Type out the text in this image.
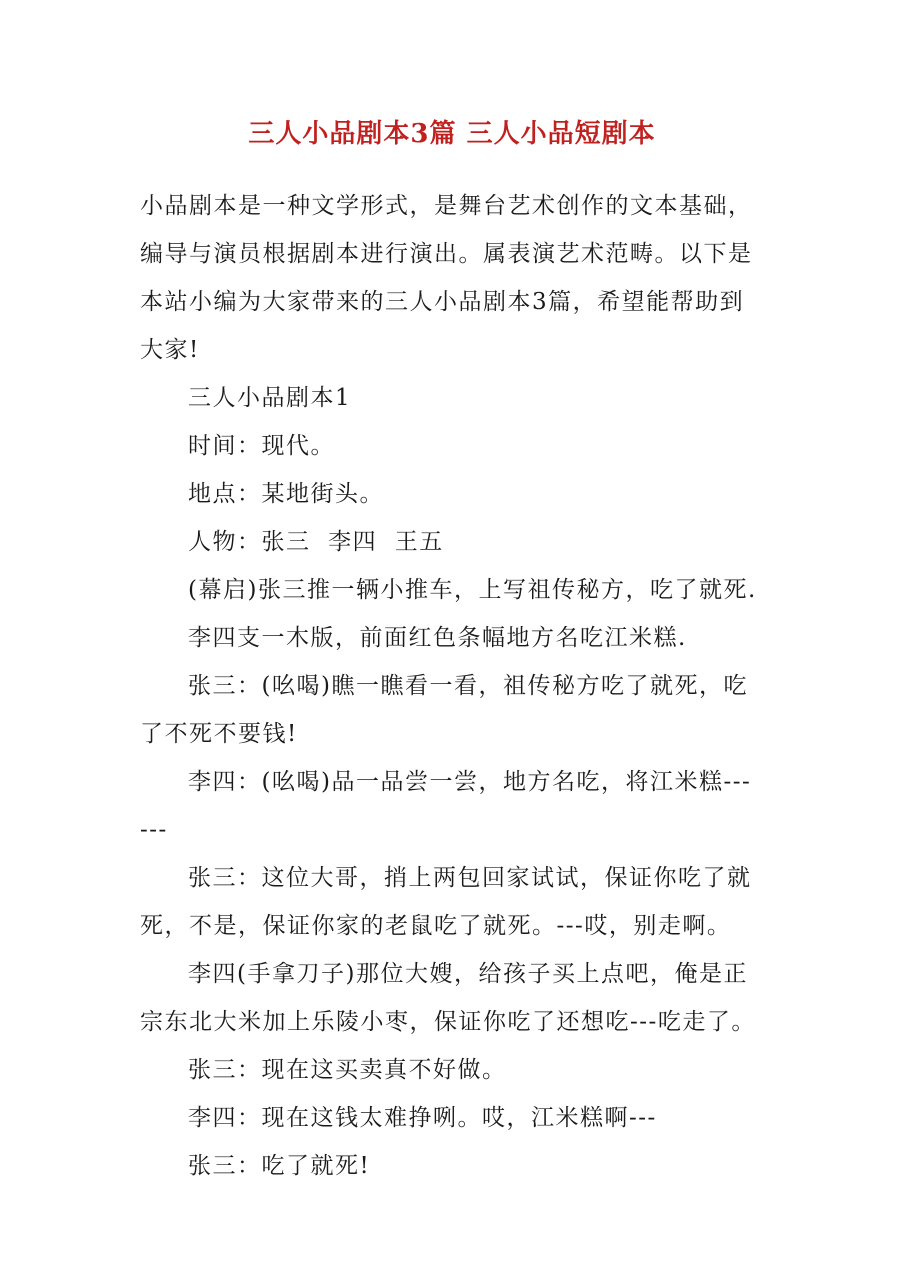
三人小品剧本3篇 三人小品短剧本

小品剧本是一种文学形式，是舞台艺术创作的文本基础，编导与演员根据剧本进行演出。属表演艺术范畴。以下是本站小编为大家带来的三人小品剧本3篇，希望能帮助到大家!

三人小品剧本1

时间：现代。

地点：某地街头。

人物：张三  李四  王五

(幕启)张三推一辆小推车，上写祖传秘方，吃了就死.

李四支一木版，前面红色条幅地方名吃江米糕.

张三：(吆喝)瞧一瞧看一看，祖传秘方吃了就死，吃了不死不要钱!

李四：(吆喝)品一品尝一尝，地方名吃，将江米糕------

张三：这位大哥，捎上两包回家试试，保证你吃了就死，不是，保证你家的老鼠吃了就死。---哎，别走啊。

李四(手拿刀子)那位大嫂，给孩子买上点吧，俺是正宗东北大米加上乐陵小枣，保证你吃了还想吃---吃走了。

张三：现在这买卖真不好做。

李四：现在这钱太难挣咧。哎，江米糕啊---

张三：吃了就死!
